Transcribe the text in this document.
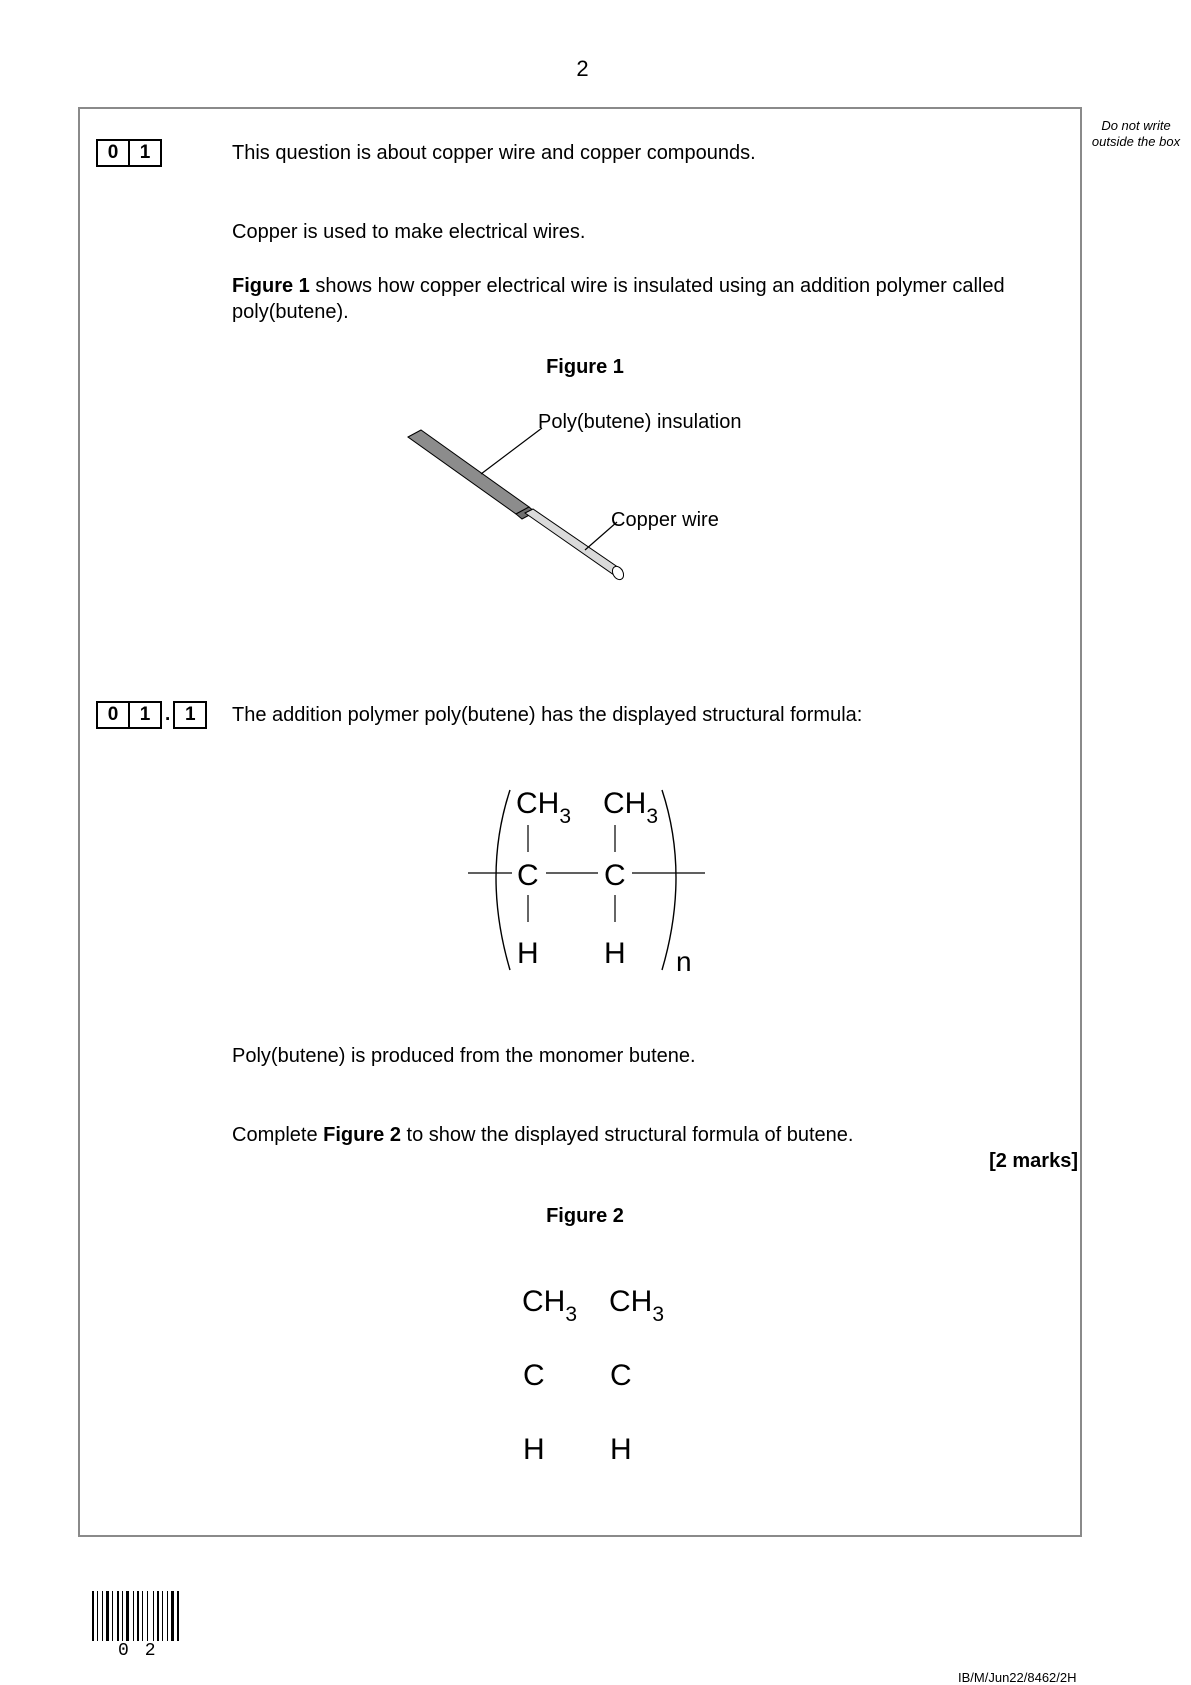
2
Do not write outside the box
0	1	This question is about copper wire and copper compounds.
Copper is used to make electrical wires.
Figure 1 shows how copper electrical wire is insulated using an addition polymer called poly(butene).
Figure 1
Poly(butene) insulation
Copper wire
0	1 . 1	The addition polymer poly(butene) has the displayed structural formula:
$CH_3$ $CH_3$
C C
H H n
Poly(butene) is produced from the monomer butene.
Complete Figure 2 to show the displayed structural formula of butene.
[2 marks]
Figure 2
$CH_3$ $CH_3$
C C
H H
02
IB/M/Jun22/8462/2H
